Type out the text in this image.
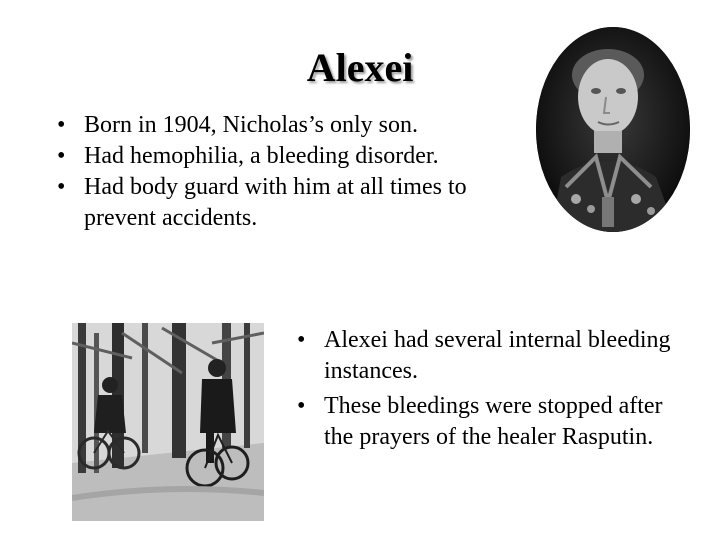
Alexei
• Born in 1904, Nicholas’s only son.
• Had hemophilia, a bleeding disorder.
• Had body guard with him at all times to prevent accidents.
• Alexei had several internal bleeding instances.
• These bleedings were stopped after the prayers of the healer Rasputin.
